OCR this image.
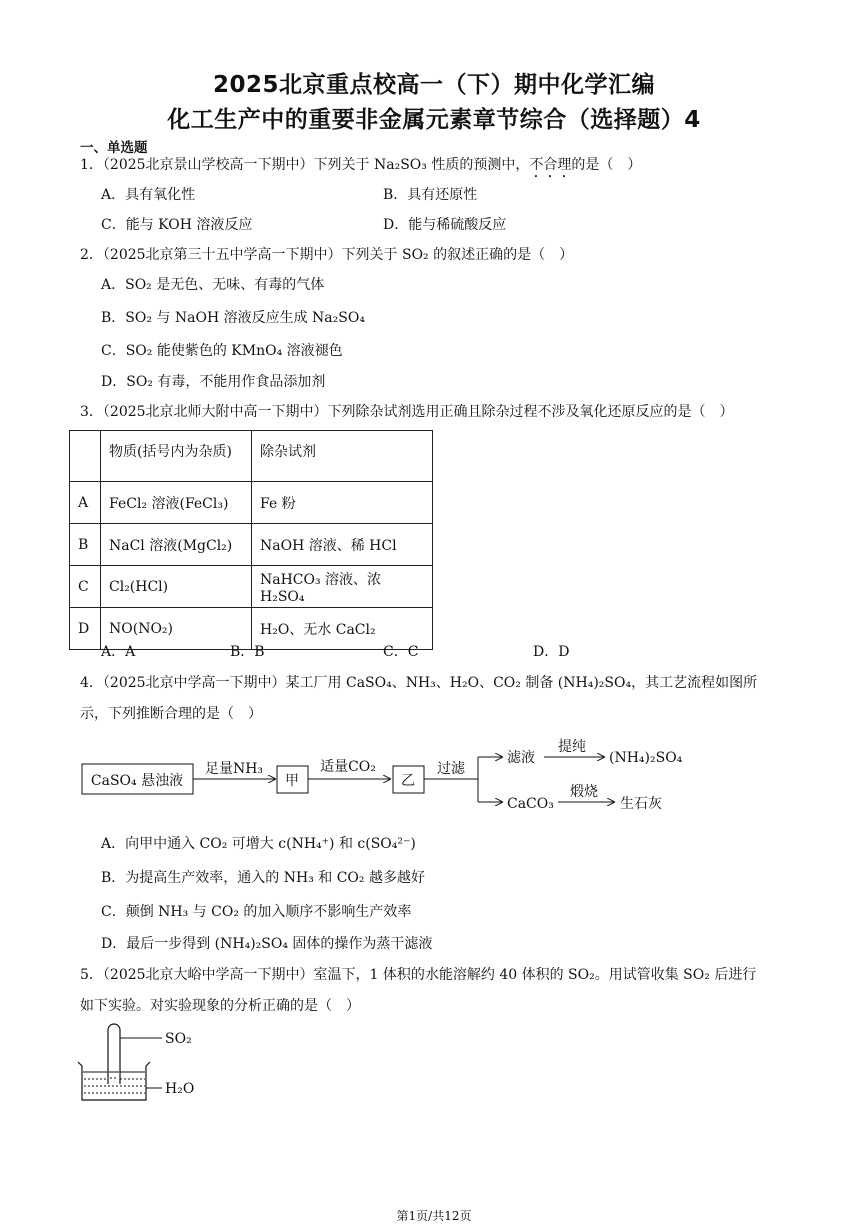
2025北京重点校高一（下）期中化学汇编
化工生产中的重要非金属元素章节综合（选择题）4
一、单选题
1．（2025北京景山学校高一下期中）下列关于 Na₂SO₃ 性质的预测中，不合理的是（　）
A．具有氧化性	B．具有还原性
C．能与 KOH 溶液反应	D．能与稀硫酸反应
2．（2025北京第三十五中学高一下期中）下列关于 SO₂ 的叙述正确的是（　）
A．SO₂ 是无色、无味、有毒的气体
B．SO₂ 与 NaOH 溶液反应生成 Na₂SO₄
C．SO₂ 能使紫色的 KMnO₄ 溶液褪色
D．SO₂ 有毒，不能用作食品添加剂
3．（2025北京北师大附中高一下期中）下列除杂试剂选用正确且除杂过程不涉及氧化还原反应的是（　）
	物质(括号内为杂质)	除杂试剂
A	FeCl₂ 溶液(FeCl₃)	Fe 粉
B	NaCl 溶液(MgCl₂)	NaOH 溶液、稀 HCl
C	Cl₂(HCl)	NaHCO₃ 溶液、浓 H₂SO₄
D	NO(NO₂)	H₂O、无水 CaCl₂
A．A	B．B	C．C	D．D
4．（2025北京中学高一下期中）某工厂用 CaSO₄、NH₃、H₂O、CO₂ 制备 (NH₄)₂SO₄，其工艺流程如图所
示，下列推断合理的是（　）
CaSO₄ 悬浊液
足量NH₃
甲
适量CO₂
乙
过滤
滤液
提纯
(NH₄)₂SO₄
CaCO₃
煅烧
生石灰
A．向甲中通入 CO₂ 可增大 c(NH₄⁺) 和 c(SO₄²⁻)
B．为提高生产效率，通入的 NH₃ 和 CO₂ 越多越好
C．颠倒 NH₃ 与 CO₂ 的加入顺序不影响生产效率
D．最后一步得到 (NH₄)₂SO₄ 固体的操作为蒸干滤液
5．（2025北京大峪中学高一下期中）室温下，1 体积的水能溶解约 40 体积的 SO₂。用试管收集 SO₂ 后进行
如下实验。对实验现象的分析正确的是（　）
SO₂
H₂O
第1页/共12页
